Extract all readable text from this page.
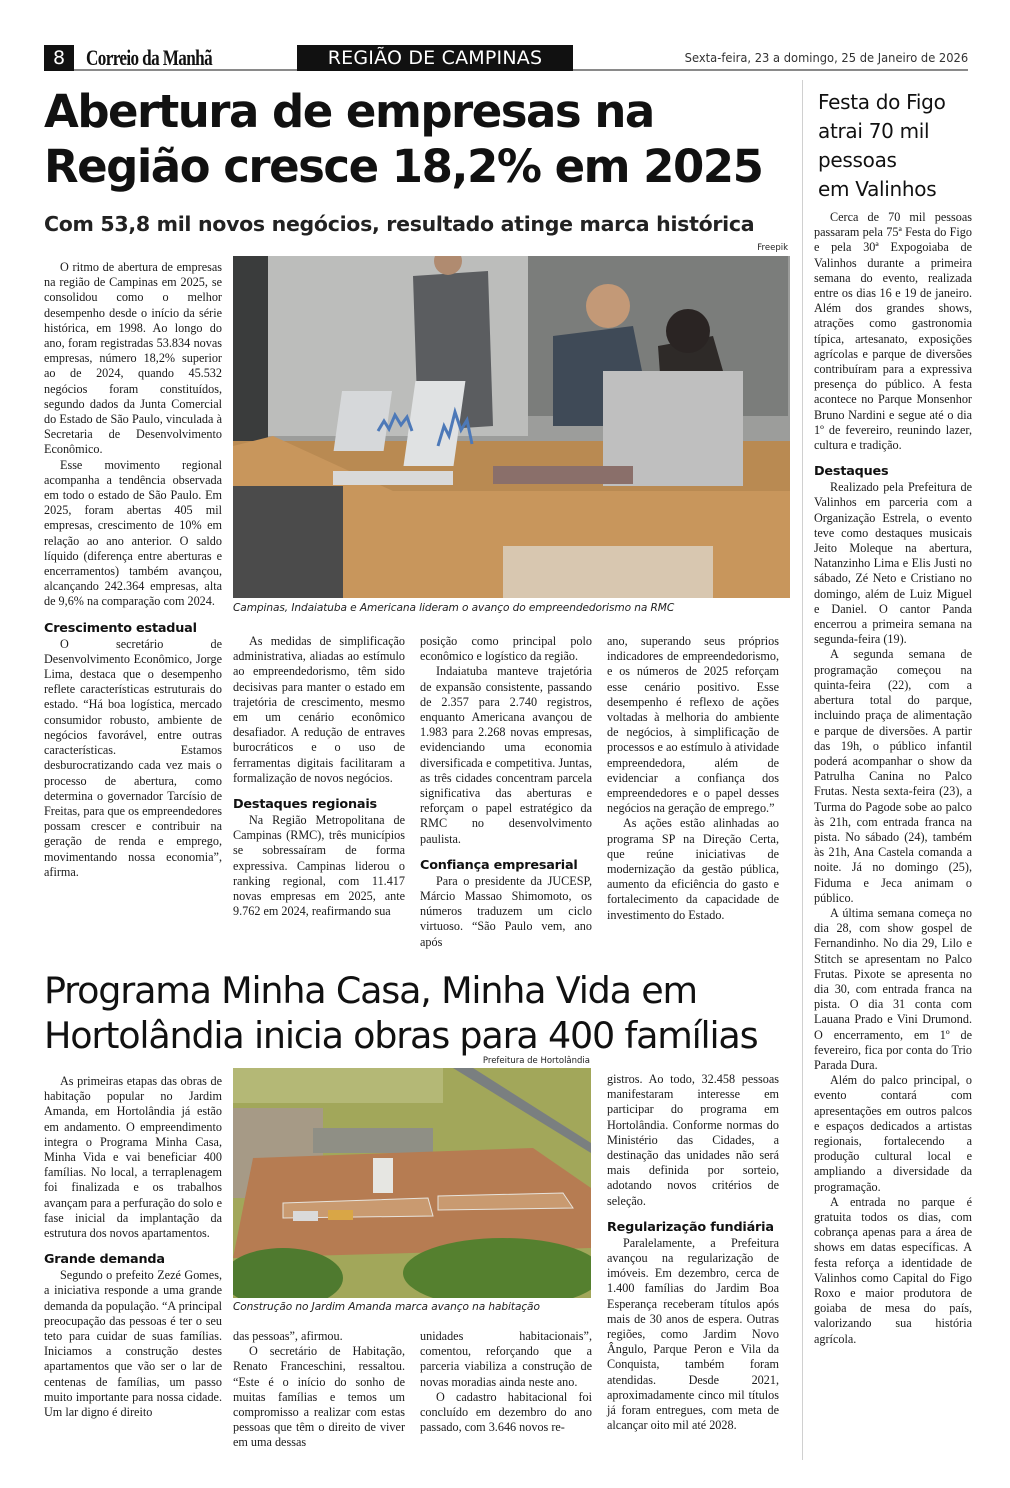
8 Correio da Manhã	REGIÃO DE CAMPINAS	Sexta-feira, 23 a domingo, 25 de Janeiro de 2026
Abertura de empresas na
Região cresce 18,2% em 2025
Com 53,8 mil novos negócios, resultado atinge marca histórica
Freepik
Campinas, Indaiatuba e Americana lideram o avanço do empreendedorismo na RMC

O ritmo de abertura de empresas na região de Campinas em 2025, se consolidou como o melhor desempenho desde o início da série histórica, em 1998. Ao longo do ano, foram registradas 53.834 novas empresas, número 18,2% superior ao de 2024, quando 45.532 negócios foram constituídos, segundo dados da Junta Comercial do Estado de São Paulo, vinculada à Secretaria de Desenvolvimento Econômico.

Esse movimento regional acompanha a tendência observada em todo o estado de São Paulo. Em 2025, foram abertas 405 mil empresas, crescimento de 10% em relação ao ano anterior. O saldo líquido (diferença entre aberturas e encerramentos) também avançou, alcançando 242.364 empresas, alta de 9,6% na comparação com 2024.

Crescimento estadual

O secretário de Desenvolvimento Econômico, Jorge Lima, destaca que o desempenho reflete características estruturais do estado. “Há boa logística, mercado consumidor robusto, ambiente de negócios favorável, entre outras características. Estamos desburocratizando cada vez mais o processo de abertura, como determina o governador Tarcísio de Freitas, para que os empreendedores possam crescer e contribuir na geração de renda e emprego, movimentando nossa economia”, afirma.

As medidas de simplificação administrativa, aliadas ao estímulo ao empreendedorismo, têm sido decisivas para manter o estado em trajetória de crescimento, mesmo em um cenário econômico desafiador. A redução de entraves burocráticos e o uso de ferramentas digitais facilitaram a formalização de novos negócios.

Destaques regionais

Na Região Metropolitana de Campinas (RMC), três municípios se sobressaíram de forma expressiva. Campinas liderou o ranking regional, com 11.417 novas empresas em 2025, ante 9.762 em 2024, reafirmando sua

posição como principal polo econômico e logístico da região.

Indaiatuba manteve trajetória de expansão consistente, passando de 2.357 para 2.740 registros, enquanto Americana avançou de 1.983 para 2.268 novas empresas, evidenciando uma economia diversificada e competitiva. Juntas, as três cidades concentram parcela significativa das aberturas e reforçam o papel estratégico da RMC no desenvolvimento paulista.

Confiança empresarial

Para o presidente da JUCESP, Márcio Massao Shimomoto, os números traduzem um ciclo virtuoso. “São Paulo vem, ano após

ano, superando seus próprios indicadores de empreendedorismo, e os números de 2025 reforçam esse cenário positivo. Esse desempenho é reflexo de ações voltadas à melhoria do ambiente de negócios, à simplificação de processos e ao estímulo à atividade empreendedora, além de evidenciar a confiança dos empreendedores e o papel desses negócios na geração de emprego.”

As ações estão alinhadas ao programa SP na Direção Certa, que reúne iniciativas de modernização da gestão pública, aumento da eficiência do gasto e fortalecimento da capacidade de investimento do Estado.

Festa do Figo
atrai 70 mil
pessoas
em Valinhos

Cerca de 70 mil pessoas passaram pela 75ª Festa do Figo e pela 30ª Expogoiaba de Valinhos durante a primeira semana do evento, realizada entre os dias 16 e 19 de janeiro. Além dos grandes shows, atrações como gastronomia típica, artesanato, exposições agrícolas e parque de diversões contribuíram para a expressiva presença do público. A festa acontece no Parque Monsenhor Bruno Nardini e segue até o dia 1º de fevereiro, reunindo lazer, cultura e tradição.

Destaques

Realizado pela Prefeitura de Valinhos em parceria com a Organização Estrela, o evento teve como destaques musicais Jeito Moleque na abertura, Natanzinho Lima e Elis Justi no sábado, Zé Neto e Cristiano no domingo, além de Luiz Miguel e Daniel. O cantor Panda encerrou a primeira semana na segunda-feira (19).

A segunda semana de programação começou na quinta-feira (22), com a abertura total do parque, incluindo praça de alimentação e parque de diversões. A partir das 19h, o público infantil poderá acompanhar o show da Patrulha Canina no Palco Frutas. Nesta sexta-feira (23), a Turma do Pagode sobe ao palco às 21h, com entrada franca na pista. No sábado (24), também às 21h, Ana Castela comanda a noite. Já no domingo (25), Fiduma e Jeca animam o público.

A última semana começa no dia 28, com show gospel de Fernandinho. No dia 29, Lilo e Stitch se apresentam no Palco Frutas. Pixote se apresenta no dia 30, com entrada franca na pista. O dia 31 conta com Lauana Prado e Vini Drumond. O encerramento, em 1º de fevereiro, fica por conta do Trio Parada Dura.

Além do palco principal, o evento contará com apresentações em outros palcos e espaços dedicados a artistas regionais, fortalecendo a produção cultural local e ampliando a diversidade da programação.

A entrada no parque é gratuita todos os dias, com cobrança apenas para a área de shows em datas específicas. A festa reforça a identidade de Valinhos como Capital do Figo Roxo e maior produtora de goiaba de mesa do país, valorizando sua história agrícola.

Programa Minha Casa, Minha Vida em
Hortolândia inicia obras para 400 famílias
Prefeitura de Hortolândia
Construção no Jardim Amanda marca avanço na habitação

As primeiras etapas das obras de habitação popular no Jardim Amanda, em Hortolândia já estão em andamento. O empreendimento integra o Programa Minha Casa, Minha Vida e vai beneficiar 400 famílias. No local, a terraplenagem foi finalizada e os trabalhos avançam para a perfuração do solo e fase inicial da implantação da estrutura dos novos apartamentos.

Grande demanda

Segundo o prefeito Zezé Gomes, a iniciativa responde a uma grande demanda da população. “A principal preocupação das pessoas é ter o seu teto para cuidar de suas famílias. Iniciamos a construção destes apartamentos que vão ser o lar de centenas de famílias, um passo muito importante para nossa cidade. Um lar digno é direito

das pessoas”, afirmou.

O secretário de Habitação, Renato Franceschini, ressaltou. “Este é o início do sonho de muitas famílias e temos um compromisso a realizar com estas pessoas que têm o direito de viver em uma dessas

unidades habitacionais”, comentou, reforçando que a parceria viabiliza a construção de novas moradias ainda neste ano.

O cadastro habitacional foi concluído em dezembro do ano passado, com 3.646 novos re-

gistros. Ao todo, 32.458 pessoas manifestaram interesse em participar do programa em Hortolândia. Conforme normas do Ministério das Cidades, a destinação das unidades não será mais definida por sorteio, adotando novos critérios de seleção.

Regularização fundiária

Paralelamente, a Prefeitura avançou na regularização de imóveis. Em dezembro, cerca de 1.400 famílias do Jardim Boa Esperança receberam títulos após mais de 30 anos de espera. Outras regiões, como Jardim Novo Ângulo, Parque Peron e Vila da Conquista, também foram atendidas. Desde 2021, aproximadamente cinco mil títulos já foram entregues, com meta de alcançar oito mil até 2028.
